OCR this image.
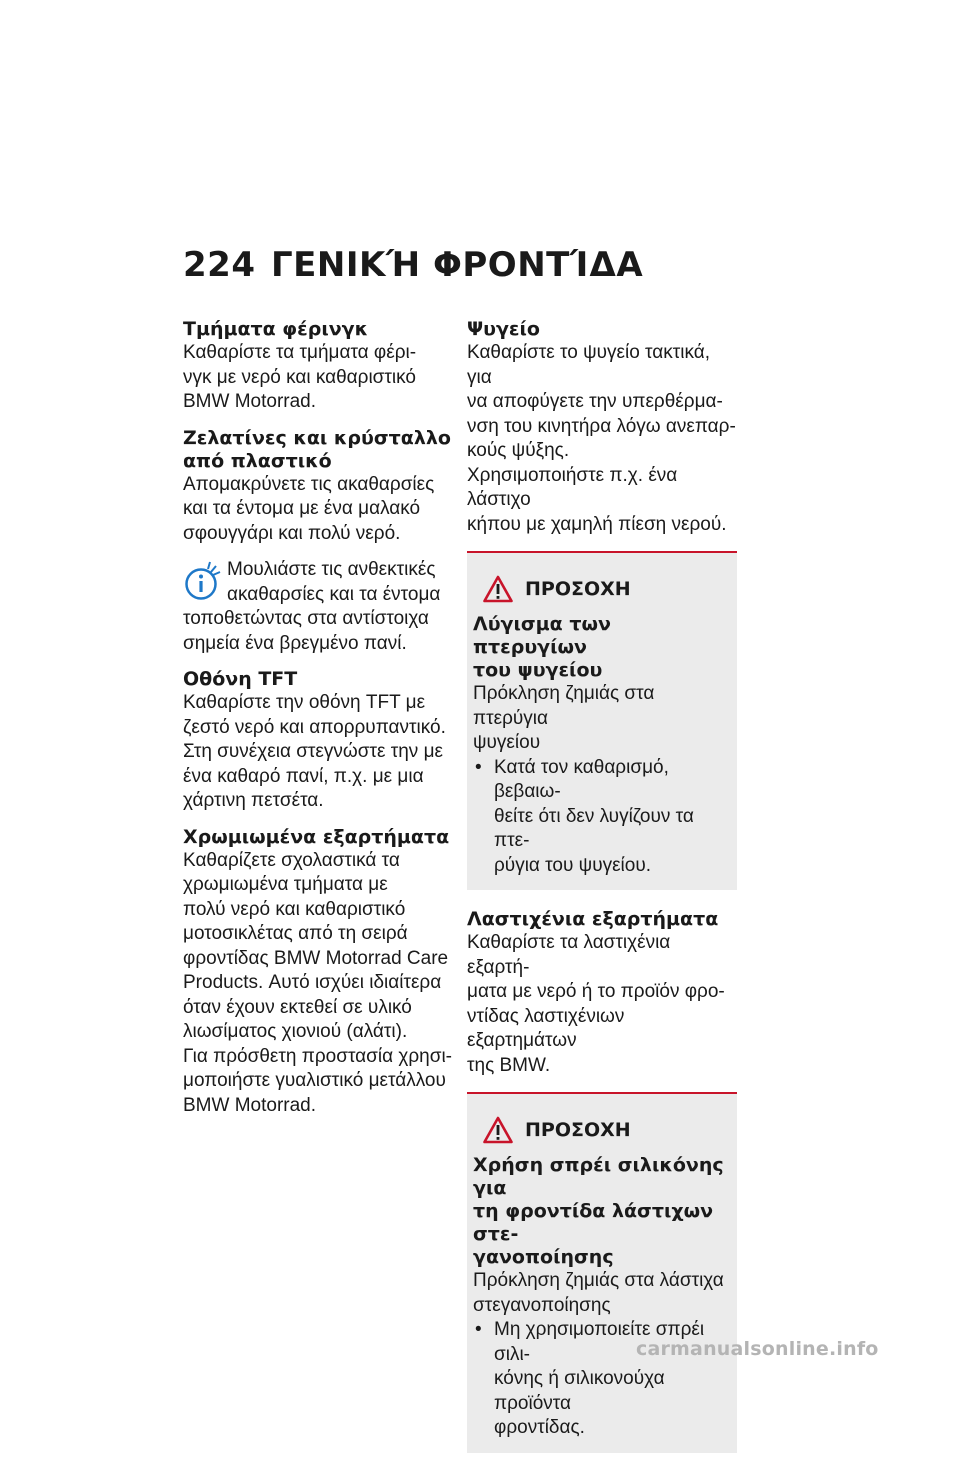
224 ΓΕΝΙΚΉ ΦΡΟΝΤΊΔΑ
Τμήματα φέρινγκ
Καθαρίστε τα τμήματα φέρι-
νγκ με νερό και καθαριστικό
BMW Motorrad.
Ζελατίνες και κρύσταλλο
από πλαστικό
Απομακρύνετε τις ακαθαρσίες
και τα έντομα με ένα μαλακό
σφουγγάρι και πολύ νερό.
Μουλιάστε τις ανθεκτικές
ακαθαρσίες και τα έντομα
τοποθετώντας στα αντίστοιχα
σημεία ένα βρεγμένο πανί.
Οθόνη TFT
Καθαρίστε την οθόνη TFT με
ζεστό νερό και απορρυπαντικό.
Στη συνέχεια στεγνώστε την με
ένα καθαρό πανί, π.χ. με μια
χάρτινη πετσέτα.
Χρωμιωμένα εξαρτήματα
Καθαρίζετε σχολαστικά τα
χρωμιωμένα τμήματα με
πολύ νερό και καθαριστικό
μοτοσικλέτας από τη σειρά
φροντίδας BMW Motorrad Care
Products. Αυτό ισχύει ιδιαίτερα
όταν έχουν εκτεθεί σε υλικό
λιωσίματος χιονιού (αλάτι).
Για πρόσθετη προστασία χρησι-
μοποιήστε γυαλιστικό μετάλλου
BMW Motorrad.
Ψυγείο
Καθαρίστε το ψυγείο τακτικά, για
να αποφύγετε την υπερθέρμα-
νση του κινητήρα λόγω ανεπαρ-
κούς ψύξης.
Χρησιμοποιήστε π.χ. ένα λάστιχο
κήπου με χαμηλή πίεση νερού.
ΠΡΟΣΟΧΗ
Λύγισμα των πτερυγίων
του ψυγείου
Πρόκληση ζημιάς στα πτερύγια
ψυγείου
• Κατά τον καθαρισμό, βεβαιω-
θείτε ότι δεν λυγίζουν τα πτε-
ρύγια του ψυγείου.
Λαστιχένια εξαρτήματα
Καθαρίστε τα λαστιχένια εξαρτή-
ματα με νερό ή το προϊόν φρο-
ντίδας λαστιχένιων εξαρτημάτων
της BMW.
ΠΡΟΣΟΧΗ
Χρήση σπρέι σιλικόνης για
τη φροντίδα λάστιχων στε-
γανοποίησης
Πρόκληση ζημιάς στα λάστιχα
στεγανοποίησης
• Μη χρησιμοποιείτε σπρέι σιλι-
κόνης ή σιλικονούχα προϊόντα
φροντίδας.
carmanualsonline.info
